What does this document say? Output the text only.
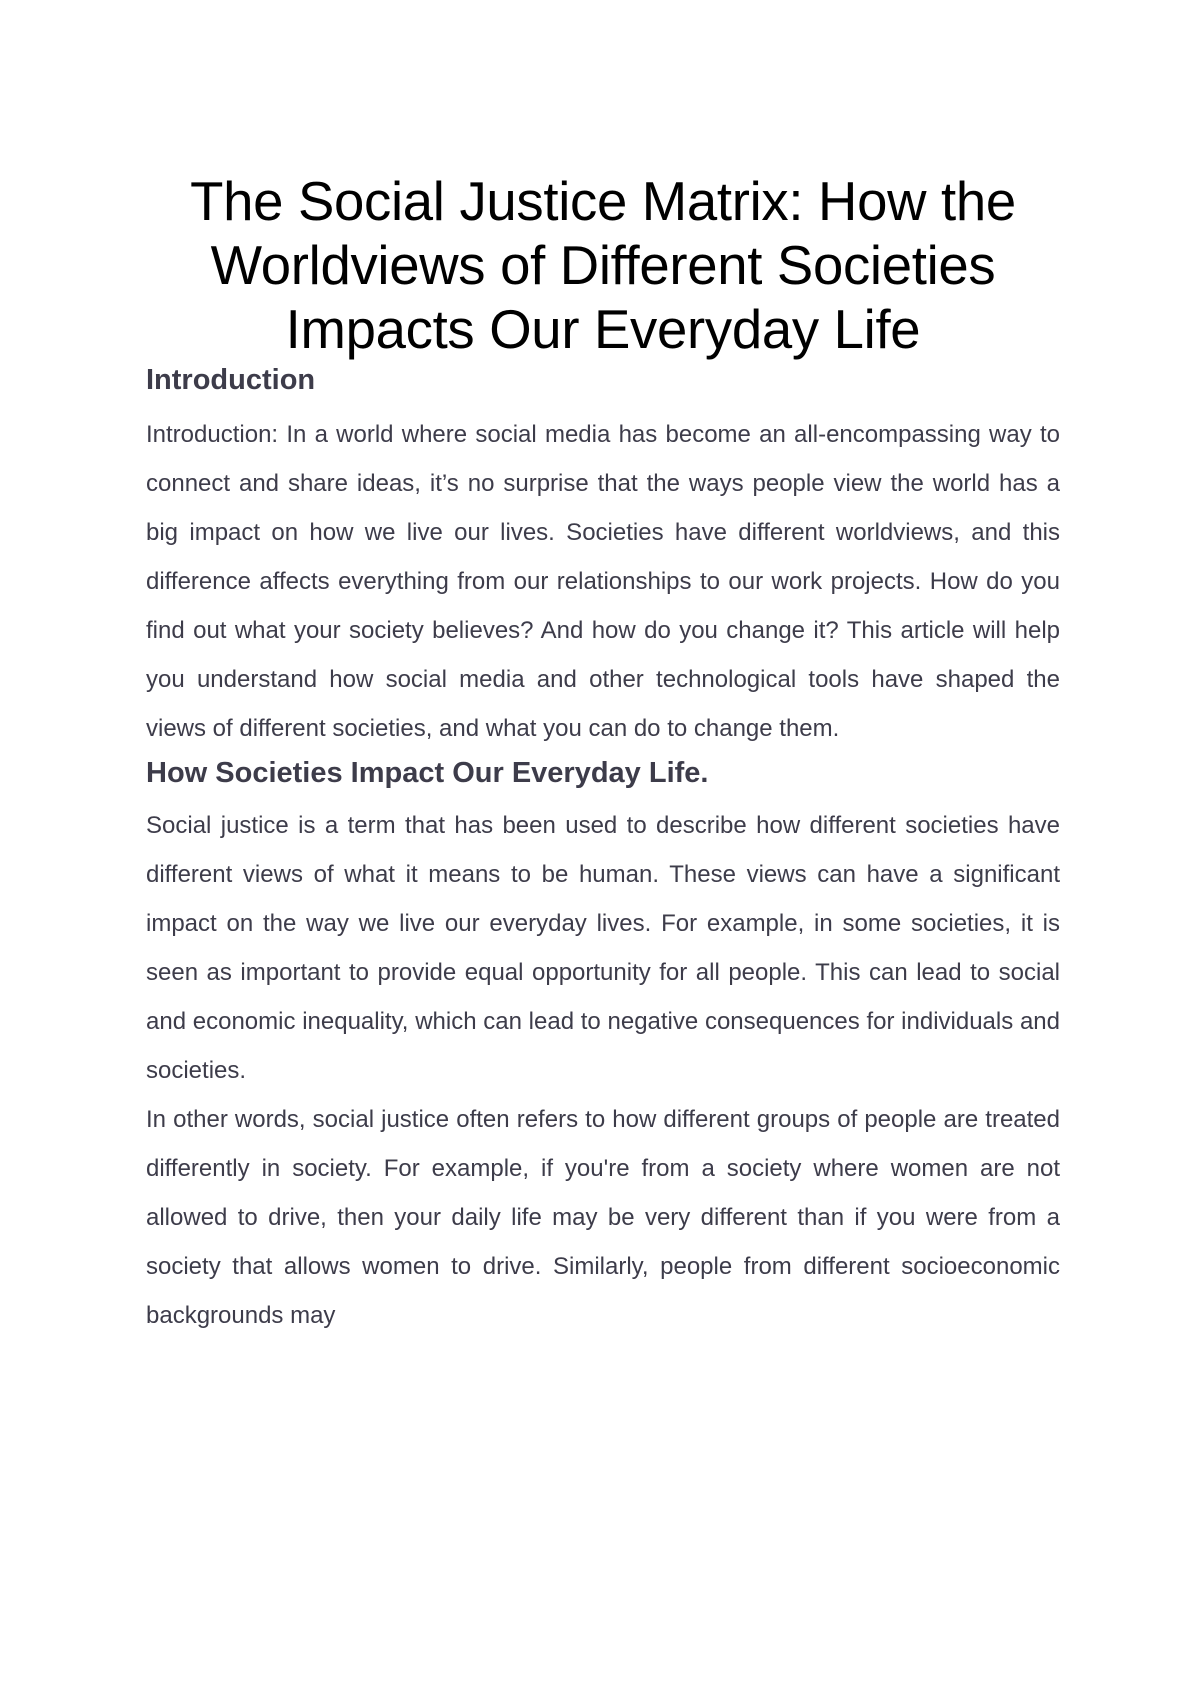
The Social Justice Matrix: How the Worldviews of Different Societies Impacts Our Everyday Life
Introduction

Introduction: In a world where social media has become an all-encompassing way to connect and share ideas, it’s no surprise that the ways people view the world has a big impact on how we live our lives. Societies have different worldviews, and this difference affects everything from our relationships to our work projects. How do you find out what your society believes? And how do you change it? This article will help you understand how social media and other technological tools have shaped the views of different societies, and what you can do to change them.

How Societies Impact Our Everyday Life.

Social justice is a term that has been used to describe how different societies have different views of what it means to be human. These views can have a significant impact on the way we live our everyday lives. For example, in some societies, it is seen as important to provide equal opportunity for all people. This can lead to social and economic inequality, which can lead to negative consequences for individuals and societies.

In other words, social justice often refers to how different groups of people are treated differently in society. For example, if you're from a society where women are not allowed to drive, then your daily life may be very different than if you were from a society that allows women to drive. Similarly, people from different socioeconomic backgrounds may
